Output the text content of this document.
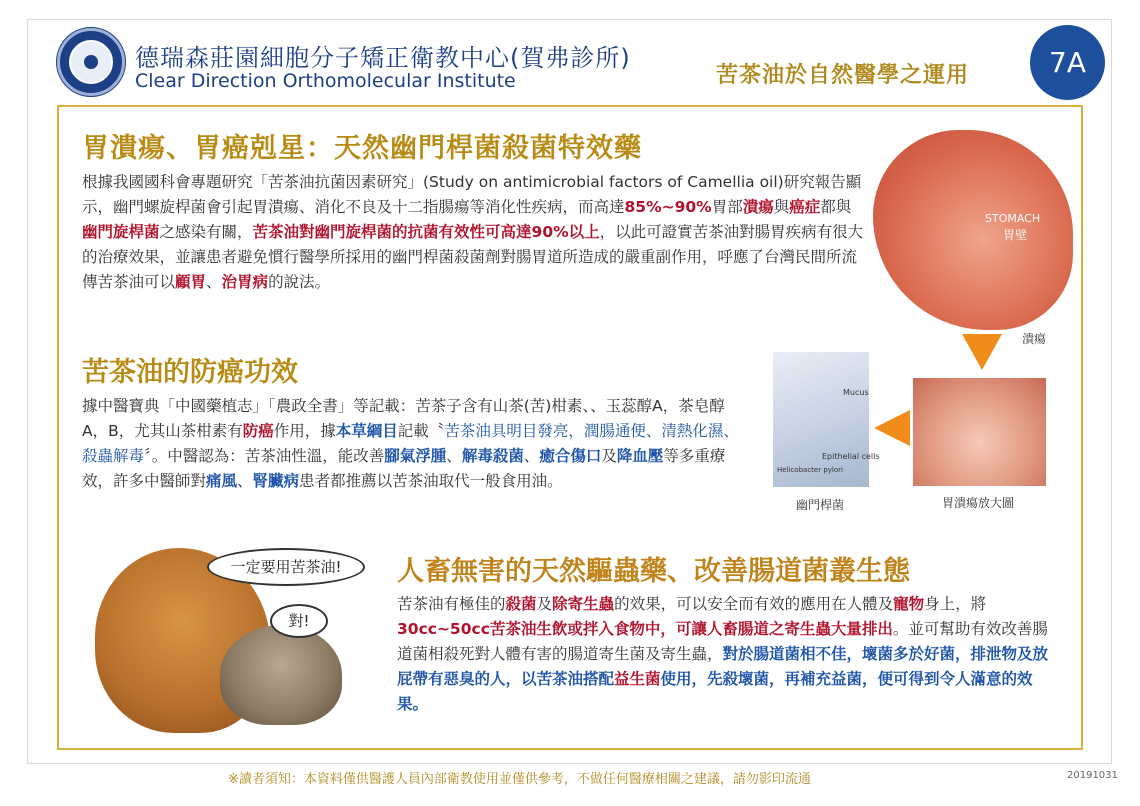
德瑞森莊園細胞分子矯正衛教中心(賀弗診所)
Clear Direction Orthomolecular Institute	苦茶油於自然醫學之運用	7A
胃潰瘍、胃癌剋星：天然幽門桿菌殺菌特效藥
根據我國國科會專題研究「苦茶油抗菌因素研究」(Study on antimicrobial factors of Camellia oil)研究報告顯示，幽門螺旋桿菌會引起胃潰瘍、消化不良及十二指腸瘍等消化性疾病，而高達85%~90%胃部潰瘍與癌症都與幽門旋桿菌之感染有關，苦茶油對幽門旋桿菌的抗菌有效性可高達90%以上，以此可證實苦茶油對腸胃疾病有很大的治療效果，並讓患者避免慣行醫學所採用的幽門桿菌殺菌劑對腸胃道所造成的嚴重副作用，呼應了台灣民間所流傳苦茶油可以顧胃、治胃病的說法。
STOMACH
胃壁
潰瘍
胃潰瘍放大圖
Mucus
Epithelial cells
Helicobacter pylori
幽門桿菌
苦茶油的防癌功效
據中醫寶典「中國藥植志」「農政全書」等記載：苦茶子含有山茶(苦)柑素、、玉蕊醇A，茶皂醇A，B，尤其山茶柑素有防癌作用，據本草綱目記載〝苦茶油具明目發亮，潤腸通便、清熱化濕、殺蟲解毒〞。中醫認為：苦茶油性溫，能改善腳氣浮腫、解毒殺菌、癒合傷口及降血壓等多重療效，許多中醫師對痛風、腎臟病患者都推薦以苦茶油取代一般食用油。
一定要用苦茶油!
對!
人畜無害的天然驅蟲藥、改善腸道菌叢生態
苦茶油有極佳的殺菌及除寄生蟲的效果，可以安全而有效的應用在人體及寵物身上，將30cc~50cc苦茶油生飲或拌入食物中，可讓人畜腸道之寄生蟲大量排出。並可幫助有效改善腸道菌相殺死對人體有害的腸道寄生菌及寄生蟲，對於腸道菌相不佳，壞菌多於好菌，排泄物及放屁帶有惡臭的人，以苦茶油搭配益生菌使用，先殺壞菌，再補充益菌，便可得到令人滿意的效果。
※讀者須知：本資料僅供醫護人員內部衛教使用並僅供參考，不做任何醫療相關之建議，請勿影印流通	20191031
